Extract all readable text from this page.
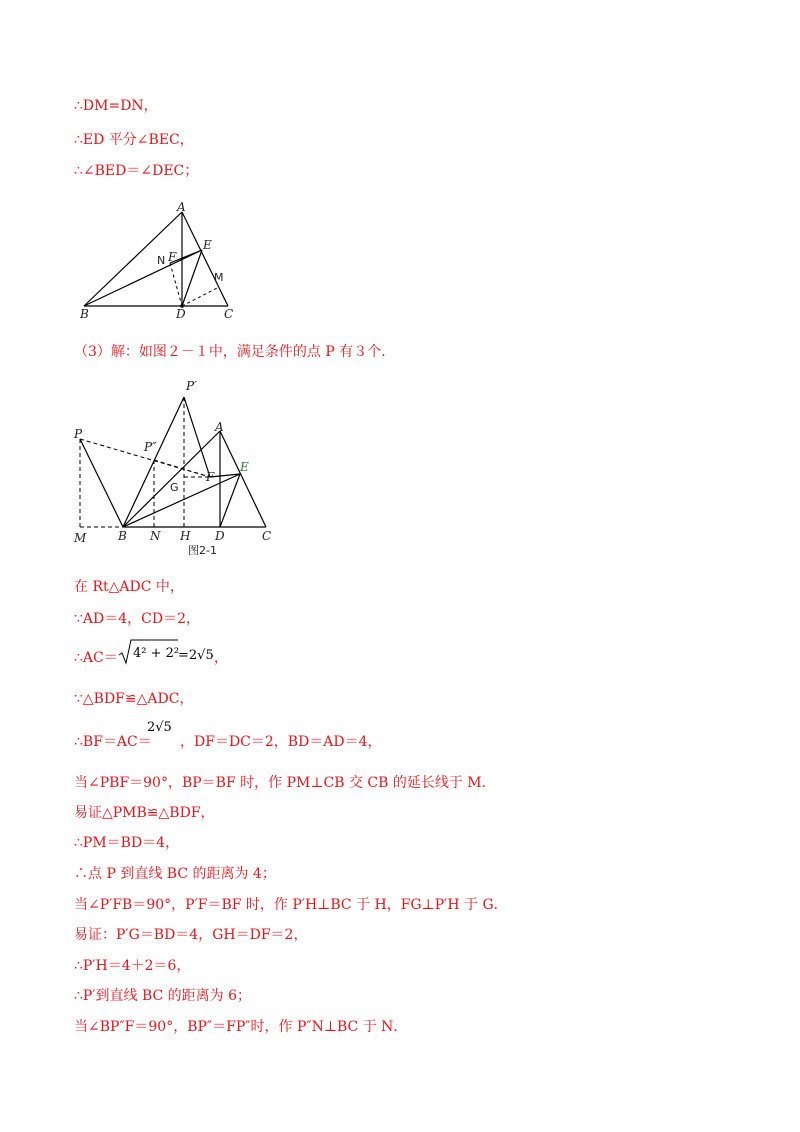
∴DM=DN，
∴ED 平分∠BEC，
∴∠BED＝∠DEC；
A
E
N F
M
B	D	C
（3）解：如图２－１中，满足条件的点 P 有３个．
P′
P
P″
A
E
G
F
M	B N H D	C
图2-1
在 Rt△ADC 中，
∵AD＝4，CD＝2，
∴AC＝ 4² + 2²
=2√5 ，
∵△BDF≌△ADC，
∴BF＝AC＝
2√5
，DF＝DC＝2，BD＝AD＝4，
当∠PBF＝90°，BP＝BF 时，作 PM⊥CB 交 CB 的延长线于 M．
易证△PMB≌△BDF，
∴PM＝BD＝4，
∴点 P 到直线 BC 的距离为 4；
当∠P′FB＝90°，P′F＝BF 时，作 P′H⊥BC 于 H，FG⊥P′H 于 G．
易证：P′G＝BD＝4，GH＝DF＝2，
∴P′H＝4＋2＝6，
∴P′到直线 BC 的距离为 6；
当∠BP″F＝90°，BP″＝FP″时，作 P″N⊥BC 于 N．
